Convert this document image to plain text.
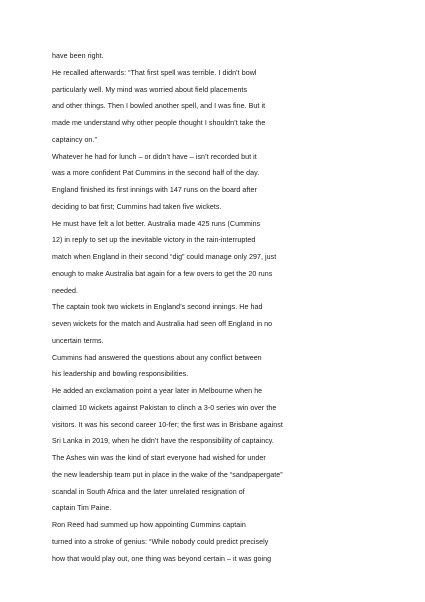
have been right.
He recalled afterwards: “That first spell was terrible. I didn’t bowl
particularly well. My mind was worried about field placements
and other things. Then I bowled another spell, and I was fine. But it
made me understand why other people thought I shouldn’t take the
captaincy on.”
Whatever he had for lunch – or didn’t have – isn’t recorded but it
was a more confident Pat Cummins in the second half of the day.
England finished its first innings with 147 runs on the board after
deciding to bat first; Cummins had taken five wickets.
He must have felt a lot better. Australia made 425 runs (Cummins
12) in reply to set up the inevitable victory in the rain-interrupted
match when England in their second “dig” could manage only 297, just
enough to make Australia bat again for a few overs to get the 20 runs
needed.
The captain took two wickets in England’s second innings. He had
seven wickets for the match and Australia had seen off England in no
uncertain terms.
Cummins had answered the questions about any conflict between
his leadership and bowling responsibilities.
He added an exclamation point a year later in Melbourne when he
claimed 10 wickets against Pakistan to clinch a 3-0 series win over the
visitors. It was his second career 10-fer; the first was in Brisbane against
Sri Lanka in 2019, when he didn’t have the responsibility of captaincy.
The Ashes win was the kind of start everyone had wished for under
the new leadership team put in place in the wake of the “sandpapergate”
scandal in South Africa and the later unrelated resignation of
captain Tim Paine.
Ron Reed had summed up how appointing Cummins captain
turned into a stroke of genius: “While nobody could predict precisely
how that would play out, one thing was beyond certain – it was going
